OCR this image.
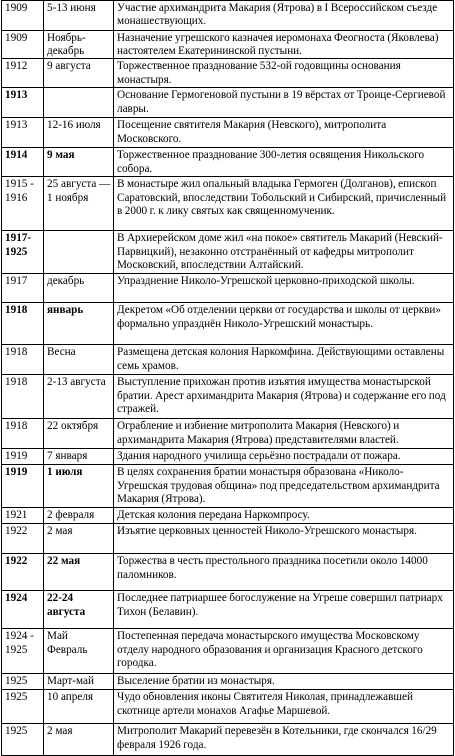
1909	5-13 июня	Участие архимандрита Макария (Ятрова) в I Всероссийском съезде монашествующих.
1909	Ноябрь-декабрь	Назначение угрешского казначея иеромонаха Феогноста (Яковлева) настоятелем Екатерининской пустыни.
1912	9 августа	Торжественное празднование 532-ой годовщины основания монастыря.
1913		Основание Гермогеновой пустыни в 19 вёрстах от Троице-Сергиевой лавры.
1913	12-16 июля	Посещение святителя Макария (Невского), митрополита Московского.
1914	9 мая	Торжественное празднование 300-летия освящения Никольского собора.
1915 - 1916	25 августа — 1 ноября	В монастыре жил опальный владыка Гермоген (Долганов), епископ Саратовский, впоследствии Тобольский и Сибирский, причисленный в 2000 г. к лику святых как священномученик.
1917-1925		В Архиерейском доме жил «на покое» святитель Макарий (Невский-Парвицкий), незаконно отстранённый от кафедры митрополит Московский, впоследствии Алтайский.
1917	декабрь	Упразднение Николо-Угрешской церковно-приходской школы.
1918	январь	Декретом «Об отделении церкви от государства и школы от церкви» формально упразднён Николо-Угрешский монастырь.
1918	Весна	Размещена детская колония Наркомфина. Действующими оставлены семь храмов.
1918	2-13 августа	Выступление прихожан против изъятия имущества монастырской братии. Арест архимандрита Макария (Ятрова) и содержание его под стражей.
1918	22 октября	Ограбление и избиение митрополита Макария (Невского) и архимандрита Макария (Ятрова) представителями властей.
1919	7 января	Здания народного училища серьёзно пострадали от пожара.
1919	1 июля	В целях сохранения братии монастыря образована «Николо-Угрешская трудовая община» под председательством архимандрита Макария (Ятрова).
1921	2 февраля	Детская колония передана Наркомпросу.
1922	2 мая	Изъятие церковных ценностей Николо-Угрешского монастыря.
1922	22 мая	Торжества в честь престольного праздника посетили около 14000 паломников.
1924	22-24 августа	Последнее патриаршее богослужение на Угреше совершил патриарх Тихон (Белавин).
1924 - 1925	Май Февраль	Постепенная передача монастырского имущества Московскому отделу народного образования и организация Красного детского городка.
1925	Март-май	Выселение братии из монастыря.
1925	10 апреля	Чудо обновления иконы Святителя Николая, принадлежавшей скотнице артели монахов Агафье Маршевой.
1925	2 мая	Митрополит Макарий перевезён в Котельники, где скончался 16/29 февраля 1926 года.
